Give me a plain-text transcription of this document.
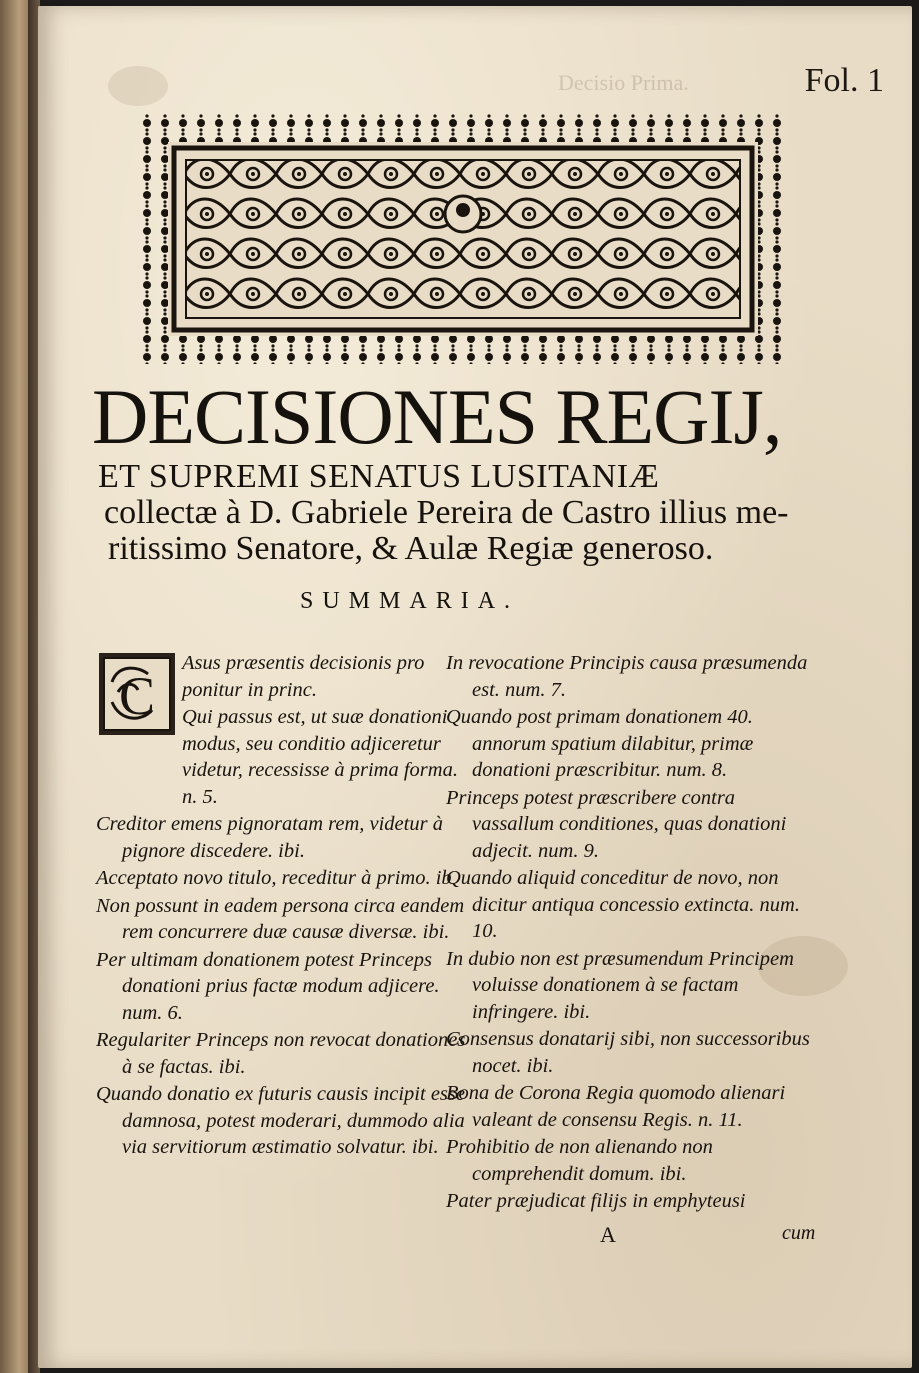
Fol. 1
Decisio Prima.
DECISIONES REGIJ,
ET SUPREMI SENATUS LUSITANIÆ
collectæ à D. Gabriele Pereira de Castro illius me-
ritissimo Senatore, & Aulæ Regiæ generoso.
SUMMARIA.
C
Asus præsentis decisionis pro ponitur in princ.
Qui passus est, ut suæ donationi modus, seu conditio adjiceretur videtur, recessisse à prima forma. n. 5.
Creditor emens pignoratam rem, videtur à pignore discedere. ibi.
Acceptato novo titulo, receditur à primo. ib
Non possunt in eadem persona circa eandem rem concurrere duæ causæ diversæ. ibi.
Per ultimam donationem potest Princeps donationi prius factæ modum adjicere. num. 6.
Regulariter Princeps non revocat donationes à se factas. ibi.
Quando donatio ex futuris causis incipit esse damnosa, potest moderari, dummodo alia via servitiorum æstimatio solvatur. ibi.
In revocatione Principis causa præsumenda est. num. 7.
Quando post primam donationem 40. annorum spatium dilabitur, primæ donationi præscribitur. num. 8.
Princeps potest præscribere contra vassallum conditiones, quas donationi adjecit. num. 9.
Quando aliquid conceditur de novo, non dicitur antiqua concessio extincta. num. 10.
In dubio non est præsumendum Principem voluisse donationem à se factam infringere. ibi.
Consensus donatarij sibi, non successoribus nocet. ibi.
Bona de Corona Regia quomodo alienari valeant de consensu Regis. n. 11.
Prohibitio de non alienando non comprehendit domum. ibi.
Pater præjudicat filijs in emphyteusi
A	cum
